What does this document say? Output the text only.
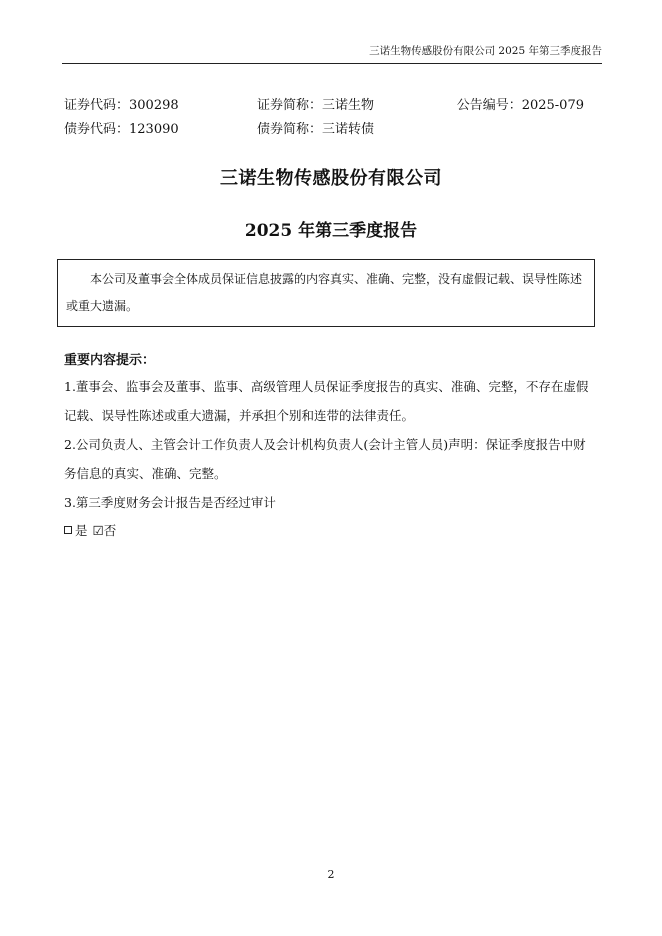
三诺生物传感股份有限公司 2025 年第三季度报告
证券代码：300298	证券简称：三诺生物	公告编号：2025-079
债券代码：123090	债券简称：三诺转债
三诺生物传感股份有限公司
2025 年第三季度报告
本公司及董事会全体成员保证信息披露的内容真实、准确、完整，没有虚假记载、误导性陈述或重大遗漏。
重要内容提示：
1.董事会、监事会及董事、监事、高级管理人员保证季度报告的真实、准确、完整，不存在虚假记载、误导性陈述或重大遗漏，并承担个别和连带的法律责任。
2.公司负责人、主管会计工作负责人及会计机构负责人(会计主管人员)声明：保证季度报告中财务信息的真实、准确、完整。
3.第三季度财务会计报告是否经过审计
是 ☑否
2
